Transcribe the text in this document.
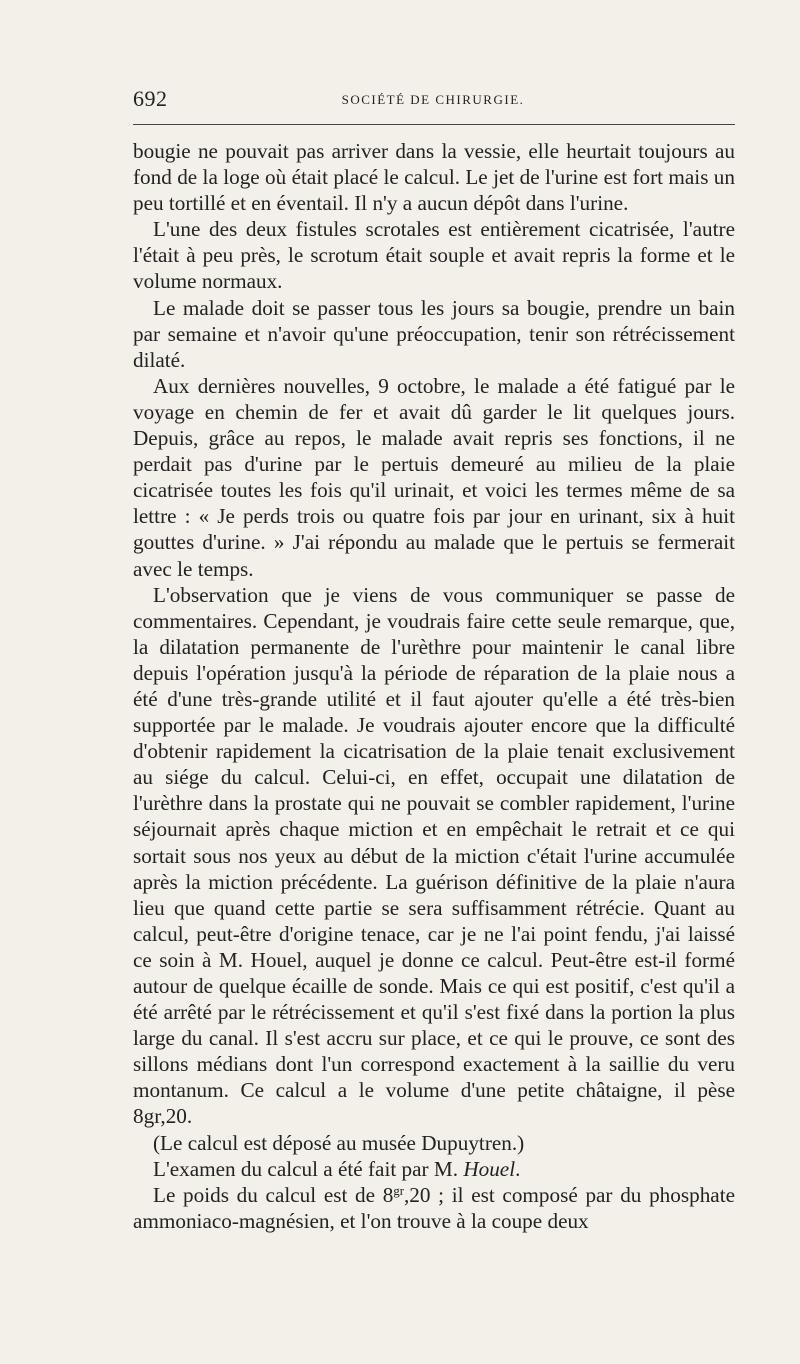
692	SOCIÉTÉ DE CHIRURGIE.

bougie ne pouvait pas arriver dans la vessie, elle heurtait toujours au fond de la loge où était placé le calcul. Le jet de l'urine est fort mais un peu tortillé et en éventail. Il n'y a aucun dépôt dans l'urine.

L'une des deux fistules scrotales est entièrement cicatrisée, l'autre l'était à peu près, le scrotum était souple et avait repris la forme et le volume normaux.

Le malade doit se passer tous les jours sa bougie, prendre un bain par semaine et n'avoir qu'une préoccupation, tenir son rétrécissement dilaté.

Aux dernières nouvelles, 9 octobre, le malade a été fatigué par le voyage en chemin de fer et avait dû garder le lit quelques jours. Depuis, grâce au repos, le malade avait repris ses fonctions, il ne perdait pas d'urine par le pertuis demeuré au milieu de la plaie cicatrisée toutes les fois qu'il urinait, et voici les termes même de sa lettre : « Je perds trois ou quatre fois par jour en urinant, six à huit gouttes d'urine. » J'ai répondu au malade que le pertuis se fermerait avec le temps.

L'observation que je viens de vous communiquer se passe de commentaires. Cependant, je voudrais faire cette seule remarque, que, la dilatation permanente de l'urèthre pour maintenir le canal libre depuis l'opération jusqu'à la période de réparation de la plaie nous a été d'une très-grande utilité et il faut ajouter qu'elle a été très-bien supportée par le malade. Je voudrais ajouter encore que la difficulté d'obtenir rapidement la cicatrisation de la plaie tenait exclusivement au siége du calcul. Celui-ci, en effet, occupait une dilatation de l'urèthre dans la prostate qui ne pouvait se combler rapidement, l'urine séjournait après chaque miction et en empêchait le retrait et ce qui sortait sous nos yeux au début de la miction c'était l'urine accumulée après la miction précédente. La guérison définitive de la plaie n'aura lieu que quand cette partie se sera suffisamment rétrécie. Quant au calcul, peut-être d'origine tenace, car je ne l'ai point fendu, j'ai laissé ce soin à M. Houel, auquel je donne ce calcul. Peut-être est-il formé autour de quelque écaille de sonde. Mais ce qui est positif, c'est qu'il a été arrêté par le rétrécissement et qu'il s'est fixé dans la portion la plus large du canal. Il s'est accru sur place, et ce qui le prouve, ce sont des sillons médians dont l'un correspond exactement à la saillie du veru montanum. Ce calcul a le volume d'une petite châtaigne, il pèse 8gr,20.

(Le calcul est déposé au musée Dupuytren.)

L'examen du calcul a été fait par M. Houel.

Le poids du calcul est de $8^{gr},20$ ; il est composé par du phosphate ammoniaco-magnésien, et l'on trouve à la coupe deux
